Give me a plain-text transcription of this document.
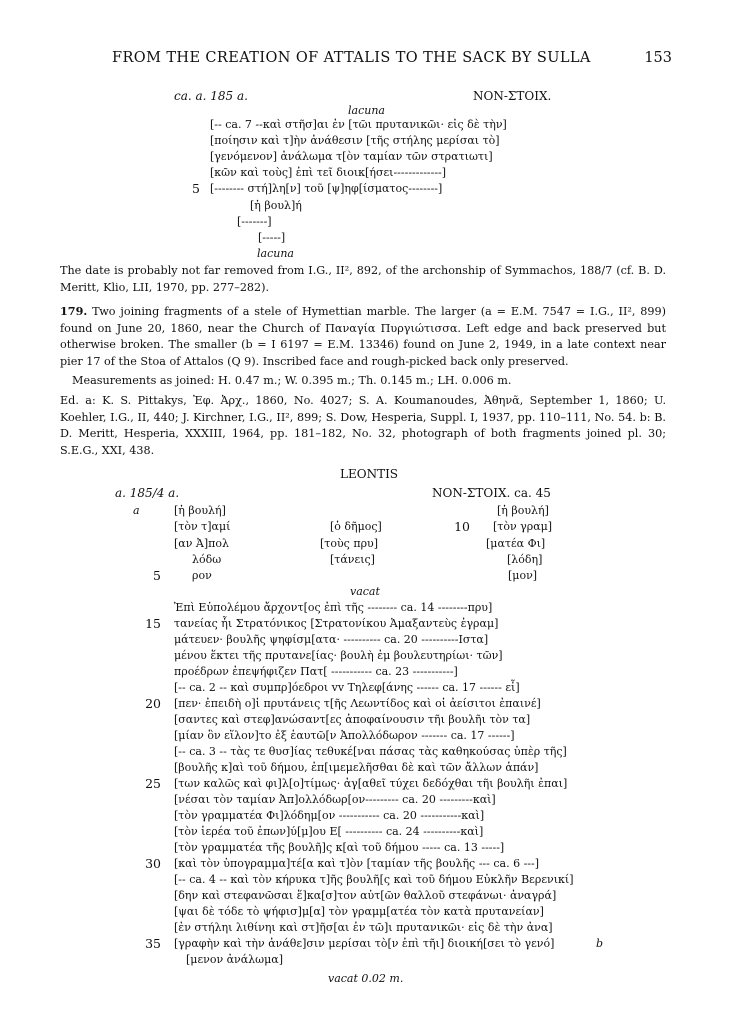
FROM THE CREATION OF ATTALIS TO THE SACK BY SULLA	153
ca. a. 185 a.	NON-ΣTOIX.
lacuna
[-- ca. 7 --καὶ στῆσ]αι ἐν [τῶι πρυτανικῶι· εἰς δὲ τὴν]
[ποίησιν καὶ τ]ὴν ἀνάθεσιν [τῆς στήλης μερίσαι τὸ]
[γενόμενον] ἀνάλωμα τ[ὸν ταμίαν τῶν στρατιωτι]
[κῶν καὶ τοὺς] ἐπὶ τεῖ διοικ[ήσει-------------]
5 [-------- στή]λη[ν] τοῦ [ψ]ηφ[ίσματος--------]
[ἡ βουλ]ή
[-------]
[-----]
lacuna

The date is probably not far removed from I.G., II², 892, of the archonship of Symmachos, 188/7 (cf. B. D. Meritt, Klio, LII, 1970, pp. 277–282).

179. Two joining fragments of a stele of Hymettian marble. The larger (a = E.M. 7547 = I.G., II², 899) found on June 20, 1860, near the Church of Παναγία Πυργιώτισσα. Left edge and back preserved but otherwise broken. The smaller (b = I 6197 = E.M. 13346) found on June 2, 1949, in a late context near pier 17 of the Stoa of Attalos (Q 9). Inscribed face and rough-picked back only preserved.

Measurements as joined: H. 0.47 m.; W. 0.395 m.; Th. 0.145 m.; LH. 0.006 m.

Ed. a: K. S. Pittakys, Ἐφ. Ἀρχ., 1860, No. 4027; S. A. Koumanoudes, Ἀθηνᾶ, September 1, 1860; U. Koehler, I.G., II, 440; J. Kirchner, I.G., II², 899; S. Dow, Hesperia, Suppl. I, 1937, pp. 110–111, No. 54. b: B. D. Meritt, Hesperia, XXXIII, 1964, pp. 181–182, No. 32, photograph of both fragments joined pl. 30; S.E.G., XXI, 438.

LEONTIS
a. 185/4 a.	NON-ΣTOIX. ca. 45
a	[ἡ βουλή]
[τὸν τ]αμί
[αν Ἀ]πολ
λόδω
5	ρον
[ὁ δῆμος]
[τοὺς πρυ]
[τάνεις]
[ἡ βουλή]
10 [τὸν γραμ]
[ματέα Φι]
[λόδη]
[μον]
vacat
Ἐπὶ Εὐπολέμου ἄρχοντ[ος ἐπὶ τῆς -------- ca. 14 --------πρυ]
15 τανείας ἧι Στρατόνικος [Στρατονίκου Ἀμαξαντεὺς ἐγραμ]
μάτευεν· βουλῆς ψηφίσμ[ατα· ---------- ca. 20 ----------Ιστα]
μένου ἕκτει τῆς πρυτανε[ίας· βουλὴ ἐμ βουλευτηρίωι· τῶν]
προέδρων ἐπεψήφιζεν Πατ[ ----------- ca. 23 -----------]
[-- ca. 2 -- καὶ συμπρ]όεδροι vv Τηλεφ[άνης ------ ca. 17 ------ εἶ]
20 [πεν· ἐπειδὴ ο]ἱ πρυτάνεις τ[ῆς Λεωντίδος καὶ οἱ ἀείσιτοι ἐπαινέ]
[σαντες καὶ στεφ]ανώσαντ[ες ἀποφαίνουσιν τῆι βουλῆι τὸν τα]
[μίαν ὃν εἵλον]το ἐξ ἑαυτῶ[ν Ἀπολλόδωρον ------- ca. 17 ------]
[-- ca. 3 -- τὰς τε θυσ]ίας τεθυκέ[ναι πάσας τὰς καθηκούσας ὑπὲρ τῆς]
[βουλῆς κ]αὶ τοῦ δήμου, ἐπ[ιμεμελῆσθαι δὲ καὶ τῶν ἄλλων ἁπάν]
25 [των καλῶς καὶ φι]λ[ο]τίμως· ἀγ[αθεῖ τύχει δεδόχθαι τῆι βουλῆι ἐπαι]
[νέσαι τὸν ταμίαν Ἀπ]ολλόδωρ[ον--------- ca. 20 ---------καὶ]
[τὸν γραμματέα Φι]λόδημ[ον ----------- ca. 20 -----------καὶ]
[τὸν ἱερέα τοῦ ἐπων]ύ[μ]ου Ε[ ---------- ca. 24 ----------καὶ]
[τὸν γραμματέα τῆς βουλῆ]ς κ[αὶ τοῦ δήμου ----- ca. 13 -----]
30 [καὶ τὸν ὑπογραμμα]τέ[α καὶ τ]ὸν [ταμίαν τῆς βουλῆς --- ca. 6 ---]
[-- ca. 4 -- καὶ τὸν κήρυκα τ]ῆς βουλῆ[ς καὶ τοῦ δήμου Εὐκλῆν Βερενικί]
[δην καὶ στεφανῶσαι ἕ]κα[σ]τον αὐτ[ῶν θαλλοῦ στεφάνωι· ἀναγρά]
[ψαι δὲ τόδε τὸ ψήφισ]μ[α] τὸν γραμμ[ατέα τὸν κατὰ πρυτανείαν]
[ἐν στήληι λιθίνηι καὶ στ]ῆσ[αι ἐν τῶ]ι πρυτανικῶι· εἰς δὲ τὴν ἀνα]
35 [γραφὴν καὶ τὴν ἀνάθε]σιν μερίσαι τὸ[ν ἐπὶ τῆι] διοική[σει τὸ γενό]	b
[μενον ἀνάλωμα]
vacat 0.02 m.
